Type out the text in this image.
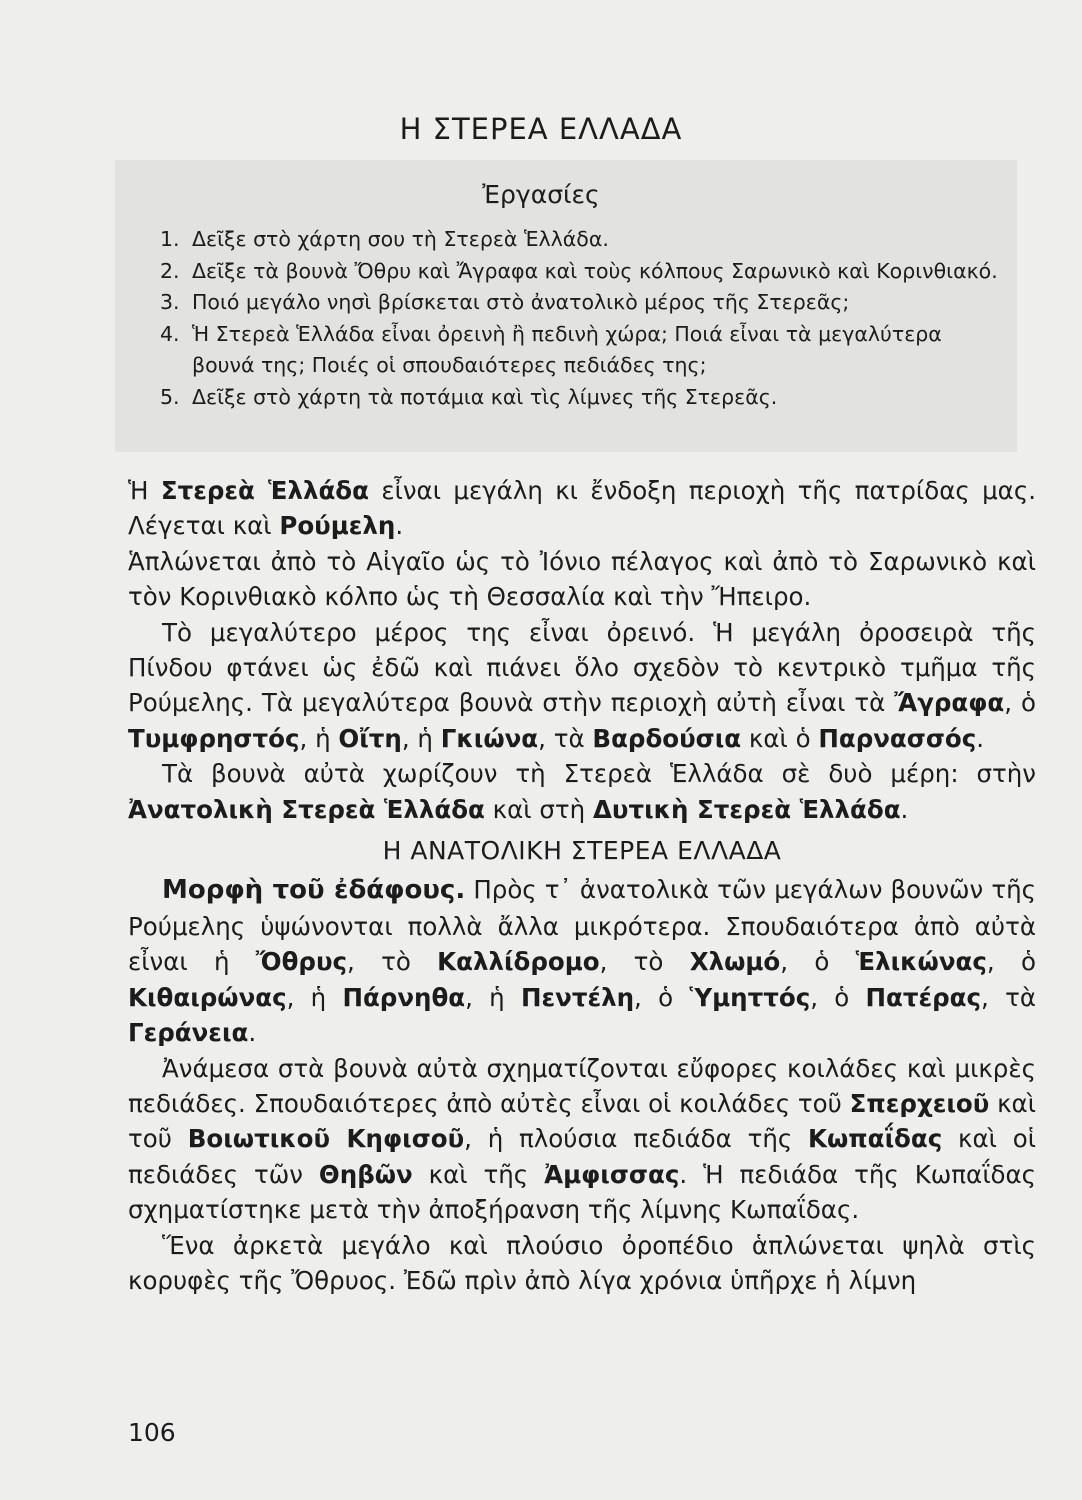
Η ΣΤΕΡΕΑ ΕΛΛΑΔΑ
Ἐργασίες
1. Δεῖξε στὸ χάρτη σου τὴ Στερεὰ Ἑλλάδα.
2. Δεῖξε τὰ βουνὰ Ὄθρυ καὶ Ἄγραφα καὶ τοὺς κόλπους Σαρωνικὸ καὶ Κορινθιακό.
3. Ποιό μεγάλο νησὶ βρίσκεται στὸ ἀνατολικὸ μέρος τῆς Στερεᾶς;
4. Ἡ Στερεὰ Ἑλλάδα εἶναι ὀρεινὴ ἢ πεδινὴ χώρα; Ποιά εἶναι τὰ μεγαλύτερα βουνά της; Ποιές οἱ σπουδαιότερες πεδιάδες της;
5. Δεῖξε στὸ χάρτη τὰ ποτάμια καὶ τὶς λίμνες τῆς Στερεᾶς.

Ἡ Στερεὰ Ἑλλάδα εἶναι μεγάλη κι ἔνδοξη περιοχὴ τῆς πατρίδας μας. Λέγεται καὶ Ρούμελη.

Ἁπλώνεται ἀπὸ τὸ Αἰγαῖο ὡς τὸ Ἰόνιο πέλαγος καὶ ἀπὸ τὸ Σαρωνικὸ καὶ τὸν Κορινθιακὸ κόλπο ὡς τὴ Θεσσαλία καὶ τὴν Ἤπειρο.

Τὸ μεγαλύτερο μέρος της εἶναι ὀρεινό. Ἡ μεγάλη ὀροσειρὰ τῆς Πίνδου φτάνει ὡς ἐδῶ καὶ πιάνει ὅλο σχεδὸν τὸ κεντρικὸ τμῆμα τῆς Ρούμελης. Τὰ μεγαλύτερα βουνὰ στὴν περιοχὴ αὐτὴ εἶναι τὰ Ἄγραφα, ὁ Τυμφρηστός, ἡ Οἴτη, ἡ Γκιώνα, τὰ Βαρδούσια καὶ ὁ Παρνασσός.

Τὰ βουνὰ αὐτὰ χωρίζουν τὴ Στερεὰ Ἑλλάδα σὲ δυὸ μέρη: στὴν Ἀνατολικὴ Στερεὰ Ἑλλάδα καὶ στὴ Δυτικὴ Στερεὰ Ἑλλάδα.

Η ΑΝΑΤΟΛΙΚΗ ΣΤΕΡΕΑ ΕΛΛΑΔΑ

Μορφὴ τοῦ ἐδάφους. Πρὸς τ᾽ ἀνατολικὰ τῶν μεγάλων βουνῶν τῆς Ρούμελης ὑψώνονται πολλὰ ἄλλα μικρότερα. Σπουδαιότερα ἀπὸ αὐτὰ εἶναι ἡ Ὄθρυς, τὸ Καλλίδρομο, τὸ Χλωμό, ὁ Ἑλικώνας, ὁ Κιθαιρώνας, ἡ Πάρνηθα, ἡ Πεντέλη, ὁ Ὑμηττός, ὁ Πατέρας, τὰ Γεράνεια.

Ἀνάμεσα στὰ βουνὰ αὐτὰ σχηματίζονται εὔφορες κοιλάδες καὶ μικρὲς πεδιάδες. Σπουδαιότερες ἀπὸ αὐτὲς εἶναι οἱ κοιλάδες τοῦ Σπερχειοῦ καὶ τοῦ Βοιωτικοῦ Κηφισοῦ, ἡ πλούσια πεδιάδα τῆς Κωπαΐδας καὶ οἱ πεδιάδες τῶν Θηβῶν καὶ τῆς Ἀμφισσας. Ἡ πεδιάδα τῆς Κωπαΐδας σχηματίστηκε μετὰ τὴν ἀποξήρανση τῆς λίμνης Κωπαΐδας.

Ἕνα ἀρκετὰ μεγάλο καὶ πλούσιο ὀροπέδιο ἁπλώνεται ψηλὰ στὶς κορυφὲς τῆς Ὄθρυος. Ἐδῶ πρὶν ἀπὸ λίγα χρόνια ὑπῆρχε ἡ λίμνη

106
